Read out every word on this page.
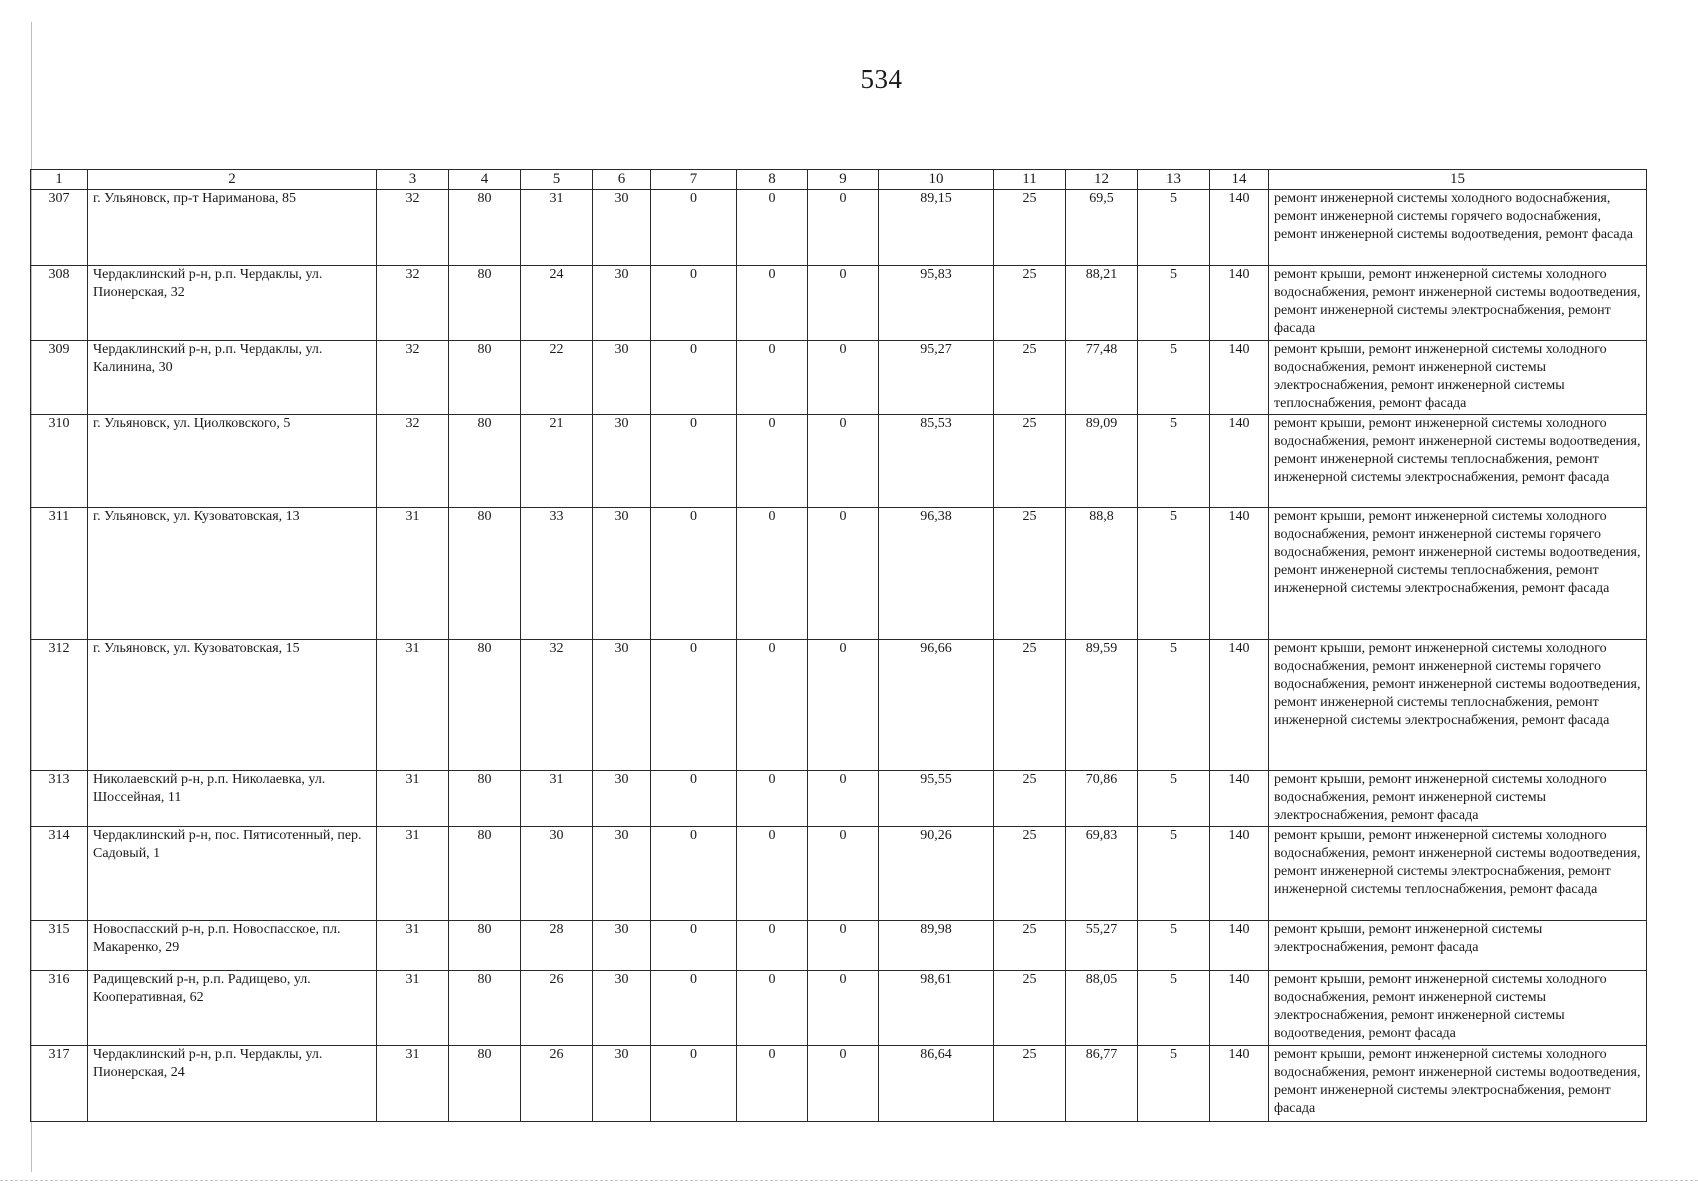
534
1	2	3	4	5	6	7	8	9	10	11	12	13	14	15
307	г. Ульяновск, пр-т Нариманова, 85	32	80	31	30	0	0	0	89,15	25	69,5	5	140	ремонт инженерной системы холодного водоснабжения, ремонт инженерной системы горячего водоснабжения, ремонт инженерной системы водоотведения, ремонт фасада
308	Чердаклинский р-н, р.п. Чердаклы, ул. Пионерская, 32	32	80	24	30	0	0	0	95,83	25	88,21	5	140	ремонт крыши, ремонт инженерной системы холодного водоснабжения, ремонт инженерной системы водоотведения, ремонт инженерной системы электроснабжения, ремонт фасада
309	Чердаклинский р-н, р.п. Чердаклы, ул. Калинина, 30	32	80	22	30	0	0	0	95,27	25	77,48	5	140	ремонт крыши, ремонт инженерной системы холодного водоснабжения, ремонт инженерной системы электроснабжения, ремонт инженерной системы теплоснабжения, ремонт фасада
310	г. Ульяновск, ул. Циолковского, 5	32	80	21	30	0	0	0	85,53	25	89,09	5	140	ремонт крыши, ремонт инженерной системы холодного водоснабжения, ремонт инженерной системы водоотведения, ремонт инженерной системы теплоснабжения, ремонт инженерной системы электроснабжения, ремонт фасада
311	г. Ульяновск, ул. Кузоватовская, 13	31	80	33	30	0	0	0	96,38	25	88,8	5	140	ремонт крыши, ремонт инженерной системы холодного водоснабжения, ремонт инженерной системы горячего водоснабжения, ремонт инженерной системы водоотведения, ремонт инженерной системы теплоснабжения, ремонт инженерной системы электроснабжения, ремонт фасада
312	г. Ульяновск, ул. Кузоватовская, 15	31	80	32	30	0	0	0	96,66	25	89,59	5	140	ремонт крыши, ремонт инженерной системы холодного водоснабжения, ремонт инженерной системы горячего водоснабжения, ремонт инженерной системы водоотведения, ремонт инженерной системы теплоснабжения, ремонт инженерной системы электроснабжения, ремонт фасада
313	Николаевский р-н, р.п. Николаевка, ул. Шоссейная, 11	31	80	31	30	0	0	0	95,55	25	70,86	5	140	ремонт крыши, ремонт инженерной системы холодного водоснабжения, ремонт инженерной системы электроснабжения, ремонт фасада
314	Чердаклинский р-н, пос. Пятисотенный, пер. Садовый, 1	31	80	30	30	0	0	0	90,26	25	69,83	5	140	ремонт крыши, ремонт инженерной системы холодного водоснабжения, ремонт инженерной системы водоотведения, ремонт инженерной системы электроснабжения, ремонт инженерной системы теплоснабжения, ремонт фасада
315	Новоспасский р-н, р.п. Новоспасское, пл. Макаренко, 29	31	80	28	30	0	0	0	89,98	25	55,27	5	140	ремонт крыши, ремонт инженерной системы электроснабжения, ремонт фасада
316	Радищевский р-н, р.п. Радищево, ул. Кооперативная, 62	31	80	26	30	0	0	0	98,61	25	88,05	5	140	ремонт крыши, ремонт инженерной системы холодного водоснабжения, ремонт инженерной системы электроснабжения, ремонт инженерной системы водоотведения, ремонт фасада
317	Чердаклинский р-н, р.п. Чердаклы, ул. Пионерская, 24	31	80	26	30	0	0	0	86,64	25	86,77	5	140	ремонт крыши, ремонт инженерной системы холодного водоснабжения, ремонт инженерной системы водоотведения, ремонт инженерной системы электроснабжения, ремонт фасада
